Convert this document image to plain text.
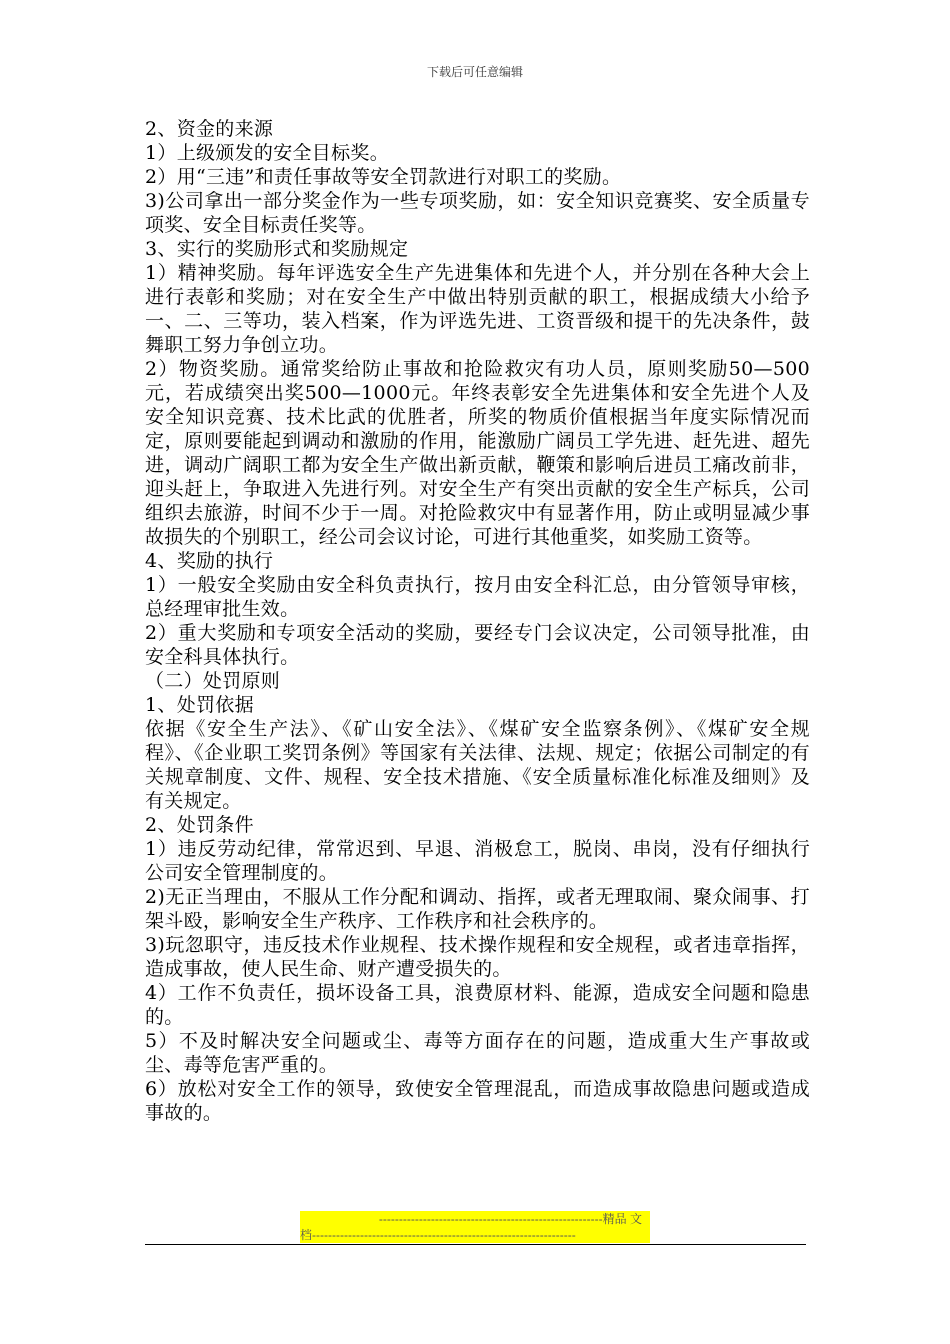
下载后可任意编辑

2、资金的来源

1）上级颁发的安全目标奖。

2）用“三违”和责任事故等安全罚款进行对职工的奖励。

3)公司拿出一部分奖金作为一些专项奖励，如：安全知识竞赛奖、安全质量专项奖、安全目标责任奖等。

3、实行的奖励形式和奖励规定

1）精神奖励。每年评选安全生产先进集体和先进个人，并分别在各种大会上进行表彰和奖励；对在安全生产中做出特别贡献的职工，根据成绩大小给予一、二、三等功，装入档案，作为评选先进、工资晋级和提干的先决条件，鼓舞职工努力争创立功。

2）物资奖励。通常奖给防止事故和抢险救灾有功人员，原则奖励50—500元，若成绩突出奖500—1000元。年终表彰安全先进集体和安全先进个人及安全知识竞赛、技术比武的优胜者，所奖的物质价值根据当年度实际情况而定，原则要能起到调动和激励的作用，能激励广阔员工学先进、赶先进、超先进，调动广阔职工都为安全生产做出新贡献，鞭策和影响后进员工痛改前非，迎头赶上，争取进入先进行列。对安全生产有突出贡献的安全生产标兵，公司组织去旅游，时间不少于一周。对抢险救灾中有显著作用，防止或明显减少事故损失的个别职工，经公司会议讨论，可进行其他重奖，如奖励工资等。

4、奖励的执行

1）一般安全奖励由安全科负责执行，按月由安全科汇总，由分管领导审核，总经理审批生效。

2）重大奖励和专项安全活动的奖励，要经专门会议决定，公司领导批准，由安全科具体执行。

（二）处罚原则

1、处罚依据

依据《安全生产法》、《矿山安全法》、《煤矿安全监察条例》、《煤矿安全规程》、《企业职工奖罚条例》等国家有关法律、法规、规定；依据公司制定的有关规章制度、文件、规程、安全技术措施、《安全质量标准化标准及细则》及有关规定。

2、处罚条件

1）违反劳动纪律，常常迟到、早退、消极怠工，脱岗、串岗，没有仔细执行公司安全管理制度的。

2)无正当理由，不服从工作分配和调动、指挥，或者无理取闹、聚众闹事、打架斗殴，影响安全生产秩序、工作秩序和社会秩序的。

3)玩忽职守，违反技术作业规程、技术操作规程和安全规程，或者违章指挥，造成事故，使人民生命、财产遭受损失的。

4）工作不负责任，损坏设备工具，浪费原材料、能源，造成安全问题和隐患的。

5）不及时解决安全问题或尘、毒等方面存在的问题，造成重大生产事故或尘、毒等危害严重的。

6）放松对安全工作的领导，致使安全管理混乱，而造成事故隐患问题或造成事故的。

--------------------------------------------------------精品 文
档------------------------------------------------------------------
